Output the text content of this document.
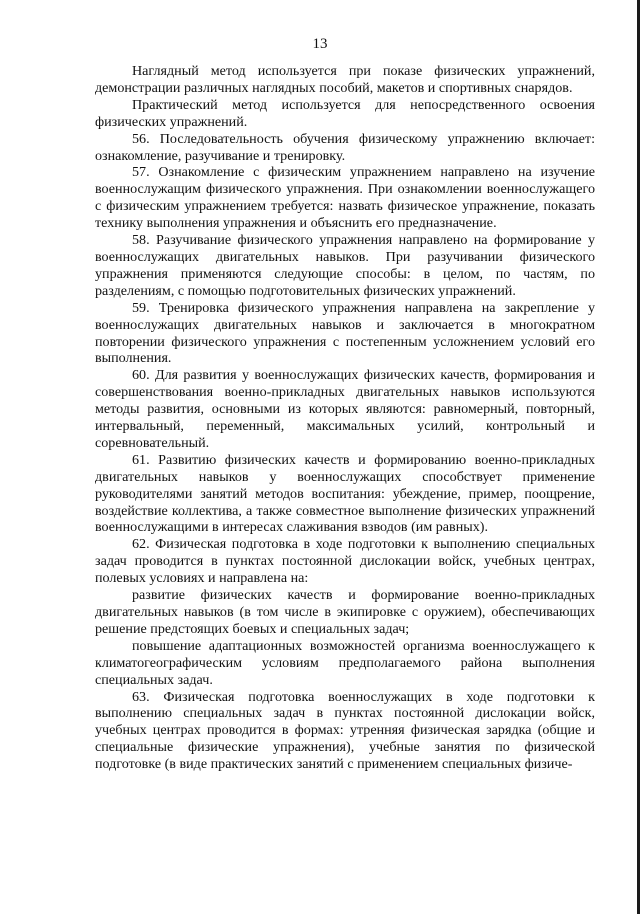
13

Наглядный метод используется при показе физических упражнений, демонстрации различных наглядных пособий, макетов и спортивных снарядов.

Практический метод используется для непосредственного освоения физических упражнений.

56. Последовательность обучения физическому упражнению включает: ознакомление, разучивание и тренировку.

57. Ознакомление с физическим упражнением направлено на изучение военнослужащим физического упражнения. При ознакомлении военнослужащего с физическим упражнением требуется: назвать физическое упражнение, показать технику выполнения упражнения и объяснить его предназначение.

58. Разучивание физического упражнения направлено на формирование у военнослужащих двигательных навыков. При разучивании физического упражнения применяются следующие способы: в целом, по частям, по разделениям, с помощью подготовительных физических упражнений.

59. Тренировка физического упражнения направлена на закрепление у военнослужащих двигательных навыков и заключается в многократном повторении физического упражнения с постепенным усложнением условий его выполнения.

60. Для развития у военнослужащих физических качеств, формирования и совершенствования военно-прикладных двигательных навыков используются методы развития, основными из которых являются: равномерный, повторный, интервальный, переменный, максимальных усилий, контрольный и соревновательный.

61. Развитию физических качеств и формированию военно-прикладных двигательных навыков у военнослужащих способствует применение руководителями занятий методов воспитания: убеждение, пример, поощрение, воздействие коллектива, а также совместное выполнение физических упражнений военнослужащими в интересах слаживания взводов (им равных).

62. Физическая подготовка в ходе подготовки к выполнению специальных задач проводится в пунктах постоянной дислокации войск, учебных центрах, полевых условиях и направлена на:

развитие физических качеств и формирование военно-прикладных двигательных навыков (в том числе в экипировке с оружием), обеспечивающих решение предстоящих боевых и специальных задач;

повышение адаптационных возможностей организма военнослужащего к климатогеографическим условиям предполагаемого района выполнения специальных задач.

63. Физическая подготовка военнослужащих в ходе подготовки к выполнению специальных задач в пунктах постоянной дислокации войск, учебных центрах проводится в формах: утренняя физическая зарядка (общие и специальные физические упражнения), учебные занятия по физической подготовке (в виде практических занятий с применением специальных физиче-
